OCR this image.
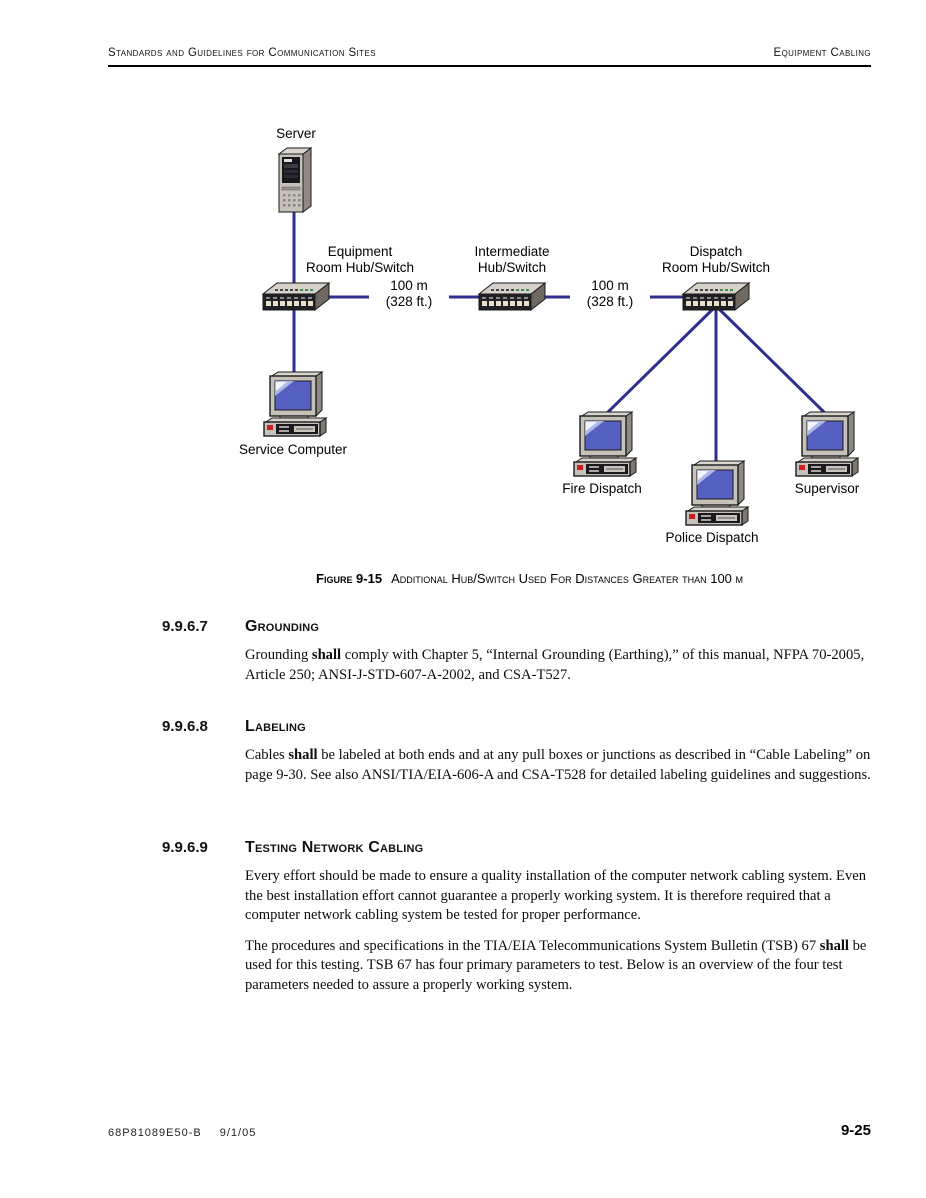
Standards and Guidelines for Communication Sites	Equipment Cabling
Server
Equipment
Room Hub/Switch
Intermediate
Hub/Switch
Dispatch
Room Hub/Switch
100 m
(328 ft.)
100 m
(328 ft.)
Service Computer
Fire Dispatch
Police Dispatch
Supervisor
Figure 9-15 Additional Hub/Switch Used For Distances Greater than 100 m
9.9.6.7	Grounding
Grounding shall comply with Chapter 5, “Internal Grounding (Earthing),” of this manual, NFPA 70-2005, Article 250; ANSI-J-STD-607-A-2002, and CSA-T527.
9.9.6.8	Labeling
Cables shall be labeled at both ends and at any pull boxes or junctions as described in “Cable Labeling” on page 9-30. See also ANSI/TIA/EIA-606-A and CSA-T528 for detailed labeling guidelines and suggestions.
9.9.6.9	Testing Network Cabling
Every effort should be made to ensure a quality installation of the computer network cabling system. Even the best installation effort cannot guarantee a properly working system. It is therefore required that a computer network cabling system be tested for proper performance.
The procedures and specifications in the TIA/EIA Telecommunications System Bulletin (TSB) 67 shall be used for this testing. TSB 67 has four primary parameters to test. Below is an overview of the four test parameters needed to assure a properly working system.
68P81089E50-B 9/1/05	9-25
